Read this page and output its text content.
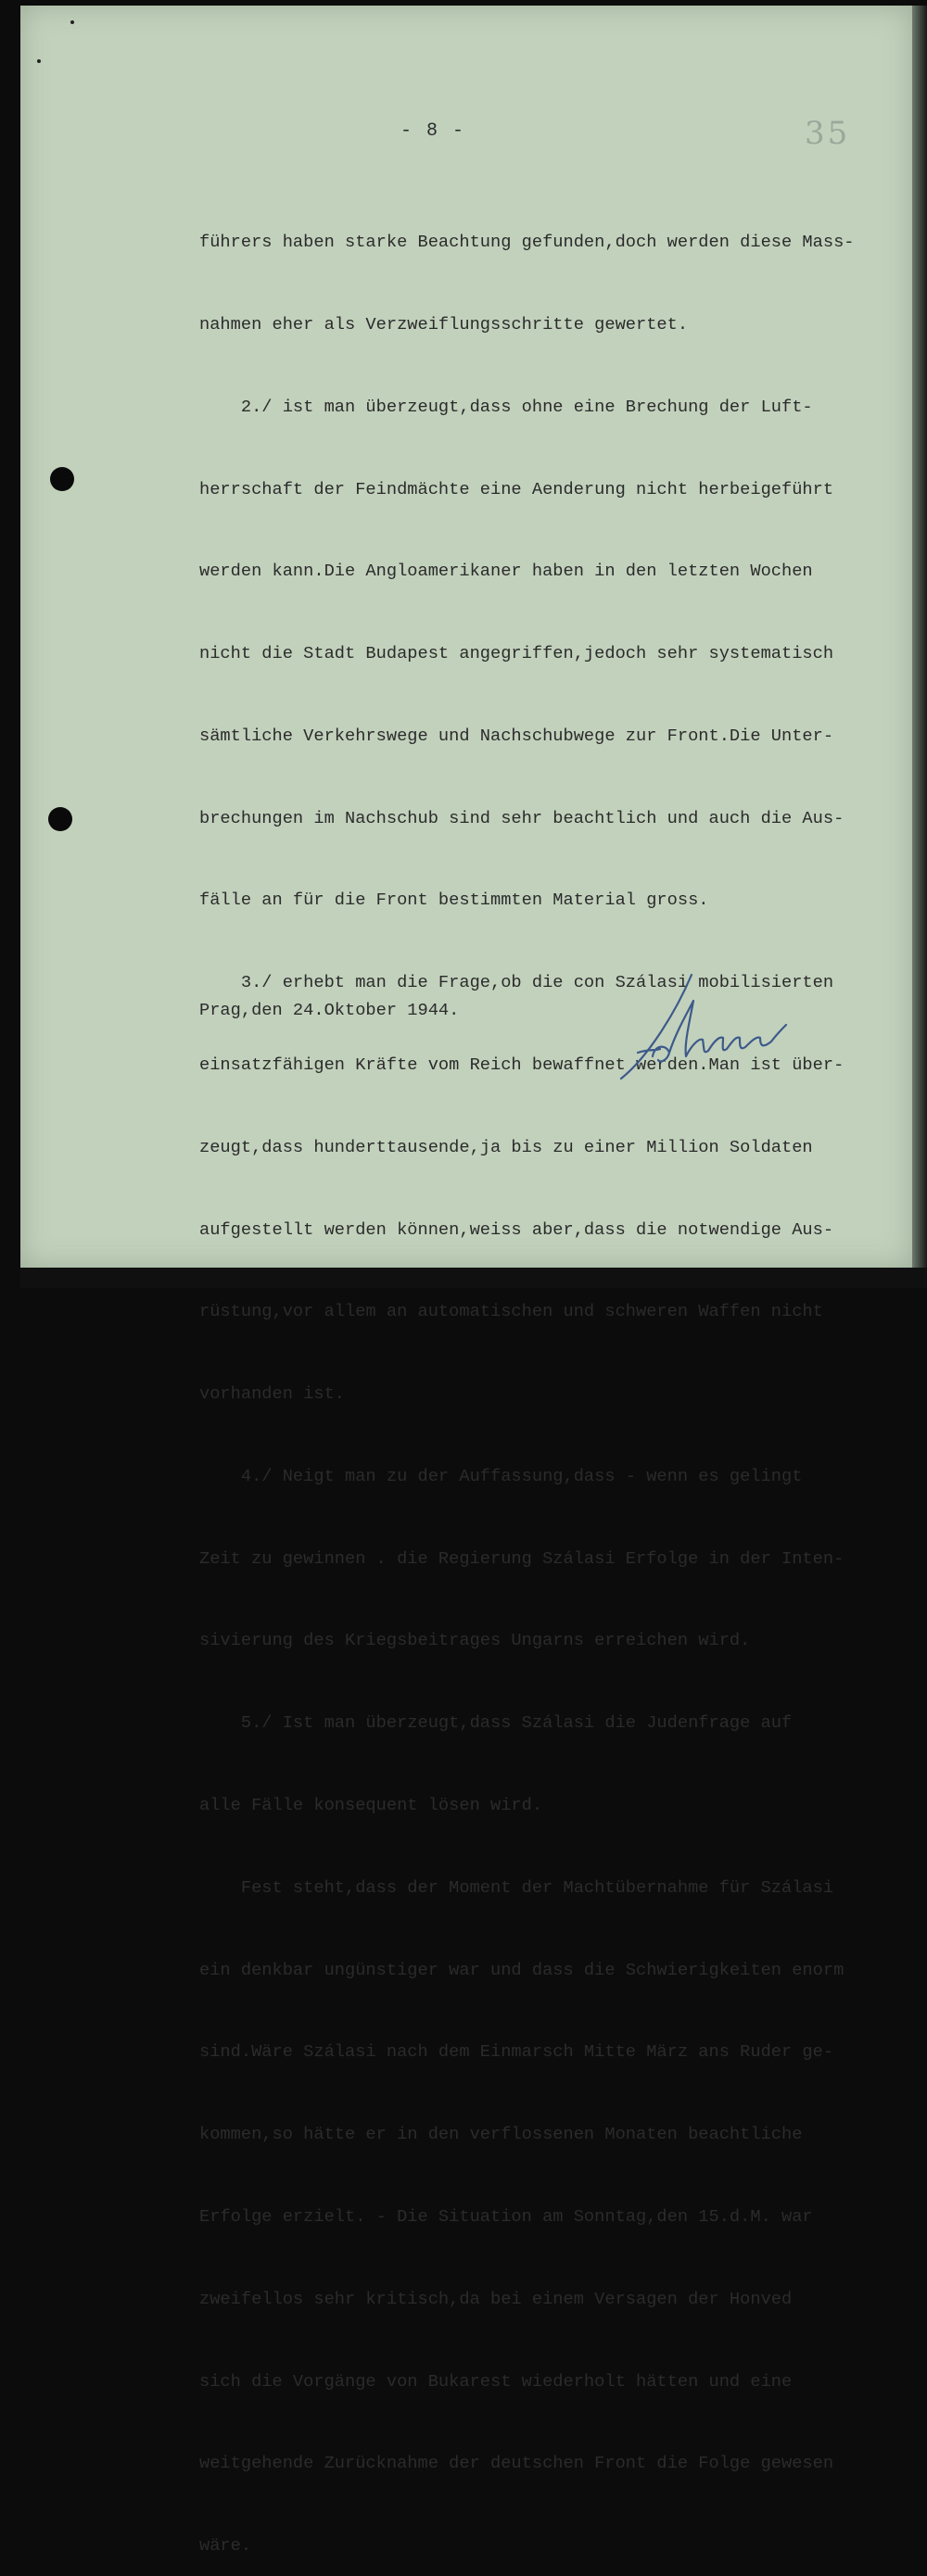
- 8 -	35

führers haben starke Beachtung gefunden,doch werden diese Mass-

nahmen eher als Verzweiflungsschritte gewertet.

2./ ist man überzeugt,dass ohne eine Brechung der Luft-

herrschaft der Feindmächte eine Aenderung nicht herbeigeführt

werden kann.Die Angloamerikaner haben in den letzten Wochen

nicht die Stadt Budapest angegriffen,jedoch sehr systematisch

sämtliche Verkehrswege und Nachschubwege zur Front.Die Unter-

brechungen im Nachschub sind sehr beachtlich und auch die Aus-

fälle an für die Front bestimmten Material gross.

3./ erhebt man die Frage,ob die con Szálasi mobilisierten

einsatzfähigen Kräfte vom Reich bewaffnet werden.Man ist über-

zeugt,dass hunderttausende,ja bis zu einer Million Soldaten

aufgestellt werden können,weiss aber,dass die notwendige Aus-

rüstung,vor allem an automatischen und schweren Waffen nicht

vorhanden ist.

4./ Neigt man zu der Auffassung,dass - wenn es gelingt

Zeit zu gewinnen . die Regierung Szálasi Erfolge in der Inten-

sivierung des Kriegsbeitrages Ungarns erreichen wird.

5./ Ist man überzeugt,dass Szálasi die Judenfrage auf

alle Fälle konsequent lösen wird.

Fest steht,dass der Moment der Machtübernahme für Szálasi

ein denkbar ungünstiger war und dass die Schwierigkeiten enorm

sind.Wäre Szálasi nach dem Einmarsch Mitte März ans Ruder ge-

kommen,so hätte er in den verflossenen Monaten beachtliche

Erfolge erzielt. - Die Situation am Sonntag,den 15.d.M. war

zweifellos sehr kritisch,da bei einem Versagen der Honved

sich die Vorgänge von Bukarest wiederholt hätten und eine

weitgehende Zurücknahme der deutschen Front die Folge gewesen

wäre.

Prag,den 24.Oktober 1944.
